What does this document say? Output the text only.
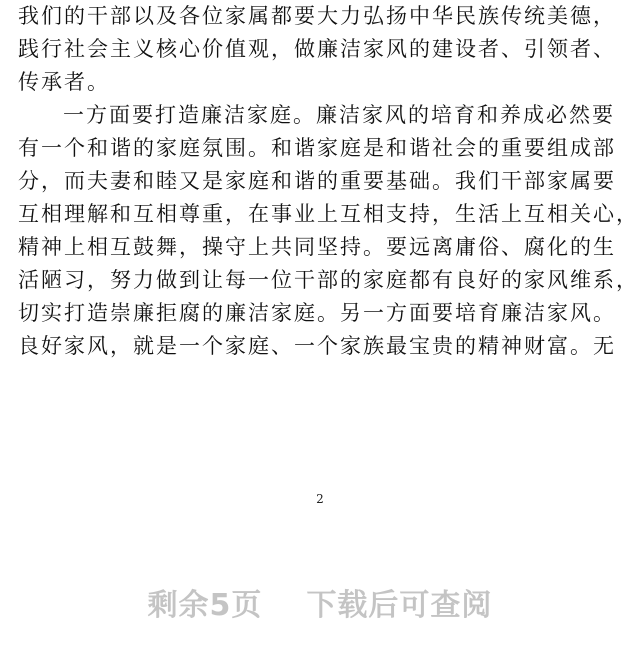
我们的干部以及各位家属都要大力弘扬中华民族传统美德，
践行社会主义核心价值观，做廉洁家风的建设者、引领者、
传承者。
一方面要打造廉洁家庭。廉洁家风的培育和养成必然要
有一个和谐的家庭氛围。和谐家庭是和谐社会的重要组成部
分，而夫妻和睦又是家庭和谐的重要基础。我们干部家属要
互相理解和互相尊重，在事业上互相支持，生活上互相关心，
精神上相互鼓舞，操守上共同坚持。要远离庸俗、腐化的生
活陋习，努力做到让每一位干部的家庭都有良好的家风维系，
切实打造崇廉拒腐的廉洁家庭。另一方面要培育廉洁家风。
良好家风，就是一个家庭、一个家族最宝贵的精神财富。无
2
剩余5页 下载后可查阅
